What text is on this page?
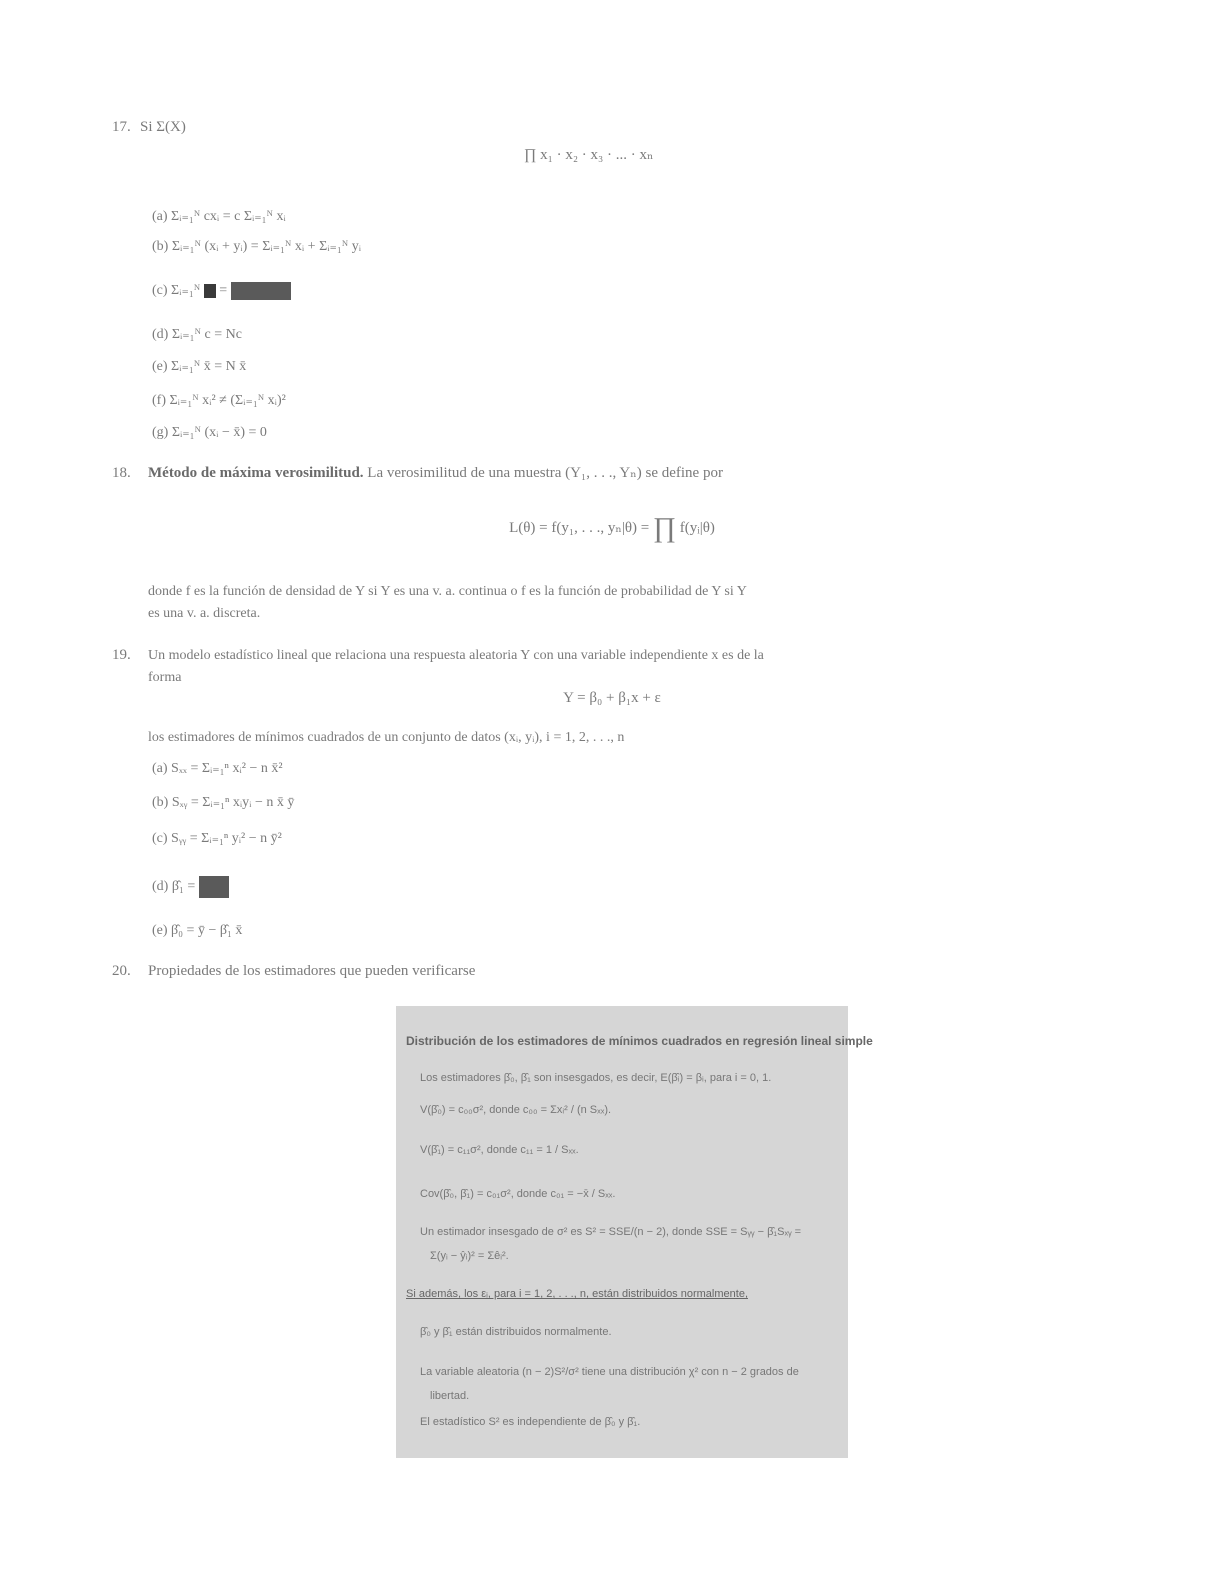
17. Si Σ(X)
∏ x₁ · x₂ · x₃ · ... · xₙ
(a) Σᵢ₌₁ᴺ cxᵢ = c Σᵢ₌₁ᴺ xᵢ
(b) Σᵢ₌₁ᴺ (xᵢ + yᵢ) = Σᵢ₌₁ᴺ xᵢ + Σᵢ₌₁ᴺ yᵢ
(c) Σᵢ₌₁ᴺ  =
(d) Σᵢ₌₁ᴺ c = Nc
(e) Σᵢ₌₁ᴺ x̄ = N x̄
(f) Σᵢ₌₁ᴺ xᵢ² ≠ (Σᵢ₌₁ᴺ xᵢ)²
(g) Σᵢ₌₁ᴺ (xᵢ − x̄) = 0
18. Método de máxima verosimilitud. La verosimilitud de una muestra (Y₁, . . ., Yₙ) se define por
L(θ) = f(y₁, . . ., yₙ|θ) = ∏ f(yᵢ|θ)
donde f es la función de densidad de Y si Y es una v. a. continua o f es la función de probabilidad de Y si Y
es una v. a. discreta.
19. Un modelo estadístico lineal que relaciona una respuesta aleatoria Y con una variable independiente x es de la
forma
Y = β₀ + β₁x + ε
los estimadores de mínimos cuadrados de un conjunto de datos (xᵢ, yᵢ), i = 1, 2, . . ., n
(a) Sₓₓ = Σᵢ₌₁ⁿ xᵢ² − n x̄²
(b) Sₓᵧ = Σᵢ₌₁ⁿ xᵢyᵢ − n x̄ ȳ
(c) Sᵧᵧ = Σᵢ₌₁ⁿ yᵢ² − n ȳ²
(d) β̂₁ =
(e) β̂₀ = ȳ − β̂₁ x̄
20. Propiedades de los estimadores que pueden verificarse
Distribución de los estimadores de mínimos cuadrados en regresión lineal simple
Los estimadores β̂₀, β̂₁ son insesgados, es decir, E(β̂ᵢ) = βᵢ, para i = 0, 1.
V(β̂₀) = c₀₀σ², donde c₀₀ = Σxᵢ² / (n Sₓₓ).
V(β̂₁) = c₁₁σ², donde c₁₁ = 1 / Sₓₓ.
Cov(β̂₀, β̂₁) = c₀₁σ², donde c₀₁ = −x̄ / Sₓₓ.
Un estimador insesgado de σ² es S² = SSE/(n − 2), donde SSE = Sᵧᵧ − β̂₁Sₓᵧ =
Σ(yᵢ − ŷᵢ)² = Σêᵢ².
Si además, los εᵢ, para i = 1, 2, . . ., n, están distribuidos normalmente,
β̂₀ y β̂₁ están distribuidos normalmente.
La variable aleatoria (n − 2)S²/σ² tiene una distribución χ² con n − 2 grados de
libertad.
El estadístico S² es independiente de β̂₀ y β̂₁.
